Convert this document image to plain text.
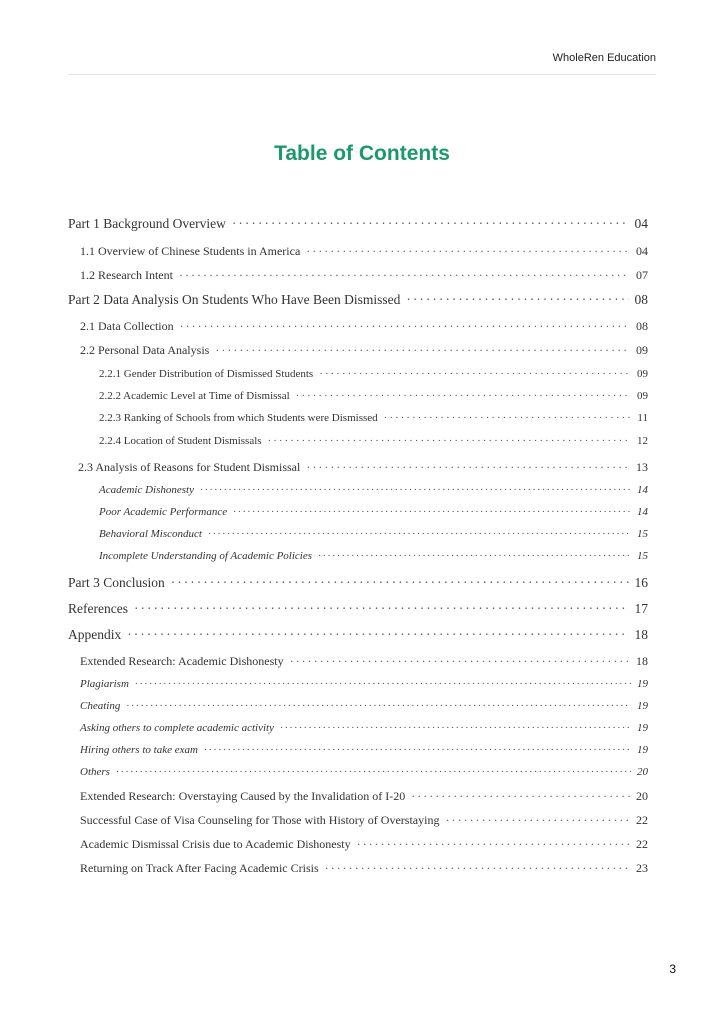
WholeRen Education
Table of Contents
Part 1 Background Overview ·····	04
1.1 Overview of Chinese Students in America ·····	04
1.2 Research Intent ·····	07
Part 2 Data Analysis On Students Who Have Been Dismissed ·····	08
2.1 Data Collection ·····	08
2.2 Personal Data Analysis ·····	09
2.2.1 Gender Distribution of Dismissed Students ·····	09
2.2.2 Academic Level at Time of Dismissal ·····	09
2.2.3 Ranking of Schools from which Students were Dismissed ·····	11
2.2.4 Location of Student Dismissals ·····	12
2.3 Analysis of Reasons for Student Dismissal ·····	13
Academic Dishonesty ·····	14
Poor Academic Performance ·····	14
Behavioral Misconduct ·····	15
Incomplete Understanding of Academic Policies ·····	15
Part 3 Conclusion ·····	16
References ·····	17
Appendix ·····	18
Extended Research: Academic Dishonesty ·····	18
Plagiarism ·····	19
Cheating ·····	19
Asking others to complete academic activity ·····	19
Hiring others to take exam ·····	19
Others ·····	20
Extended Research: Overstaying Caused by the Invalidation of I-20 ·····	20
Successful Case of Visa Counseling for Those with History of Overstaying ·····	22
Academic Dismissal Crisis due to Academic Dishonesty ·····	22
Returning on Track After Facing Academic Crisis ·····	23
3
